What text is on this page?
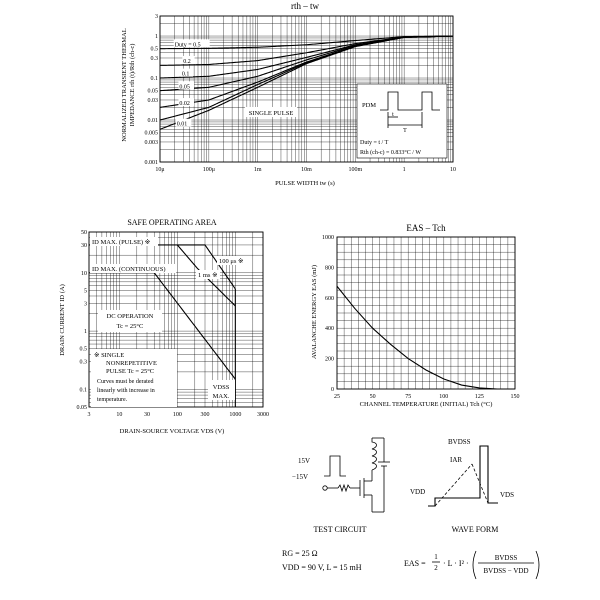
rth – tw
10μ	100μ	1m	10m	100m	1	10
0.001
0.003
0.005
0.01
0.03
0.05
0.1
0.3
0.5
1
3
Duty = 0.5
0.2
0.1
0.05
0.02
0.01
NORMALIZED TRANSIENT THERMAL IMPEDANCE rth (t)/Rth (ch-c)
PULSE WIDTH tw (s)
SINGLE PULSE
PDM
t
T
Duty = t / T
Rth (ch-c) = 0.833°C / W
SAFE OPERATING AREA
3	10	30	100	300	1000	3000
0.05
0.1
0.3
0.5
1
3
5
10
30
50
DRAIN CURRENT ID (A)
DRAIN-SOURCE VOLTAGE VDS (V)
ID MAX. (PULSE) ※
ID MAX. (CONTINUOUS)
DC OPERATION
Tc = 25°C
※ SINGLE
NONREPETITIVE
PULSE Tc = 25°C
Curves must be derated
linearly with increase in
temperature.
VDSS
MAX.
100 μs ※
1 ms ※
EAS – Tch
25	50	75	100	125	150
0
200
400
600
800
1000
AVALANCHE ENERGY EAS (mJ)
CHANNEL TEMPERATURE (INITIAL) Tch (°C)
15V
−15V
TEST CIRCUIT
BVDSS
IAR
VDD	VDS
WAVE FORM
RG = 25 Ω
VDD = 90 V, L = 15 mH	EAS =
1
2 · L · I² ·
BVDSS
BVDSS − VDD
